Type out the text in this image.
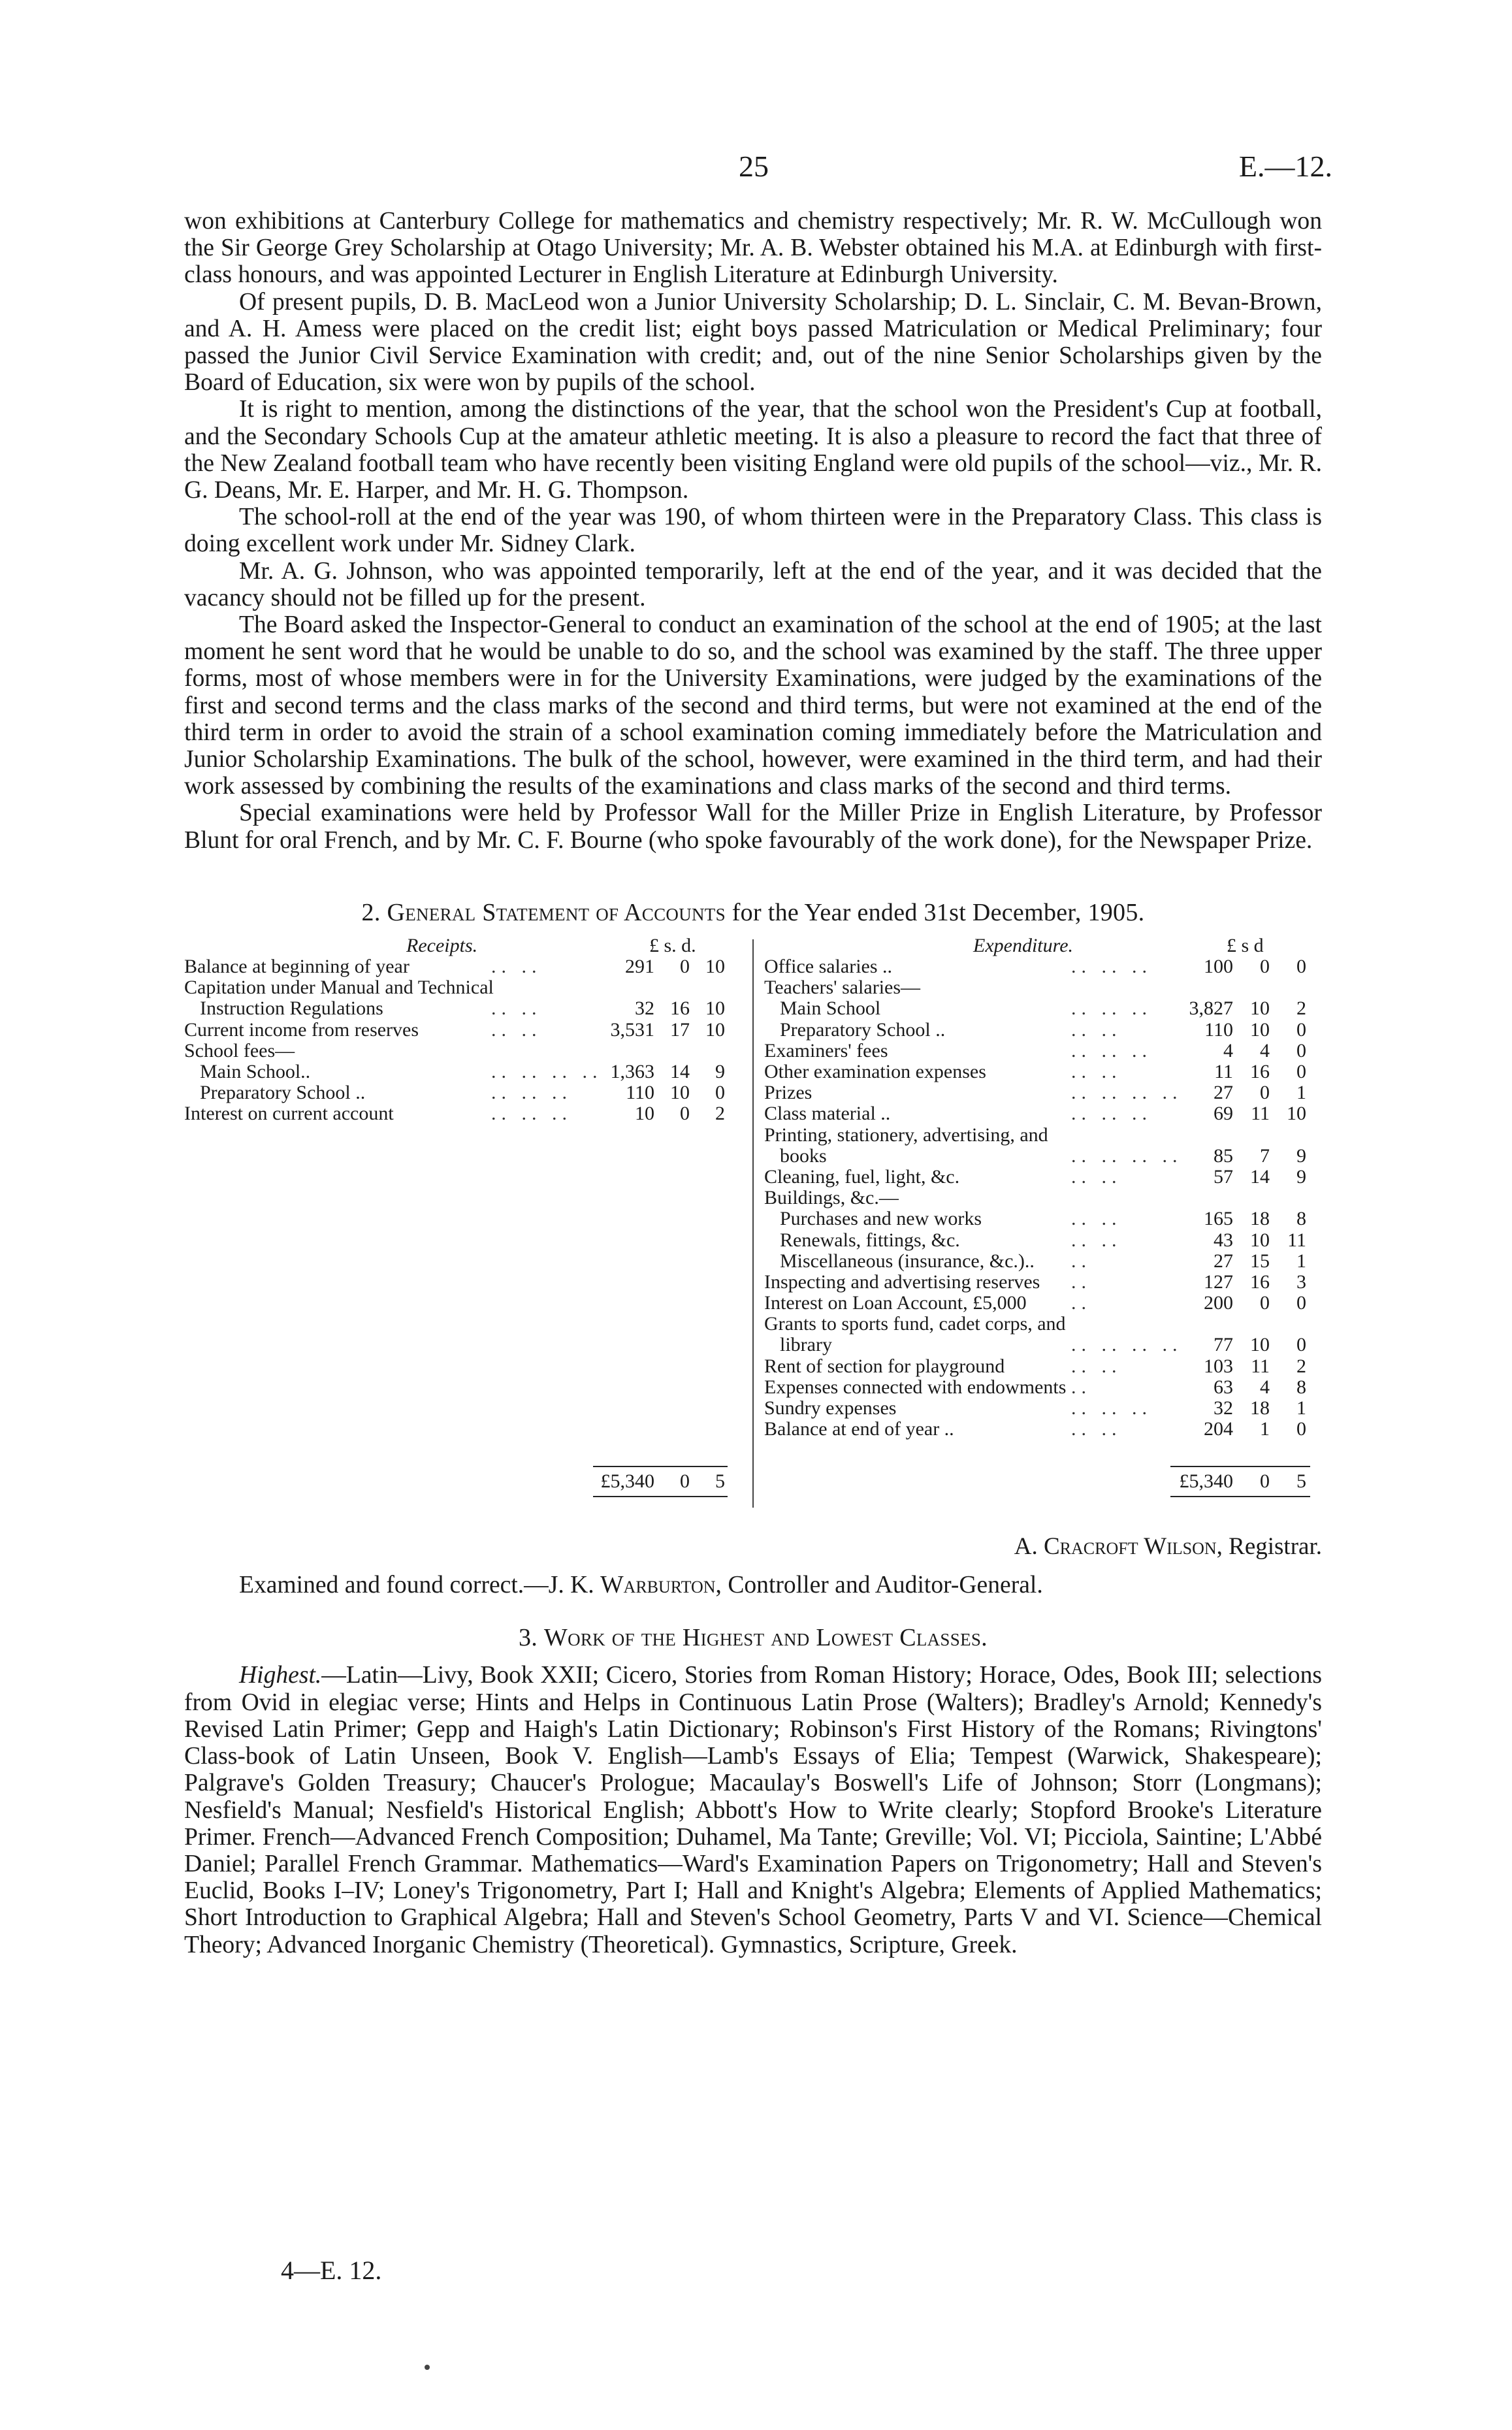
25	E.—12.

won exhibitions at Canterbury College for mathematics and chemistry respectively; Mr. R. W. McCullough won the Sir George Grey Scholarship at Otago University; Mr. A. B. Webster obtained his M.A. at Edinburgh with first-class honours, and was appointed Lecturer in English Literature at Edinburgh University.

Of present pupils, D. B. MacLeod won a Junior University Scholarship; D. L. Sinclair, C. M. Bevan-Brown, and A. H. Amess were placed on the credit list; eight boys passed Matriculation or Medical Preliminary; four passed the Junior Civil Service Examination with credit; and, out of the nine Senior Scholarships given by the Board of Education, six were won by pupils of the school.

It is right to mention, among the distinctions of the year, that the school won the President's Cup at football, and the Secondary Schools Cup at the amateur athletic meeting. It is also a pleasure to record the fact that three of the New Zealand football team who have recently been visiting England were old pupils of the school—viz., Mr. R. G. Deans, Mr. E. Harper, and Mr. H. G. Thompson.

The school-roll at the end of the year was 190, of whom thirteen were in the Preparatory Class. This class is doing excellent work under Mr. Sidney Clark.

Mr. A. G. Johnson, who was appointed temporarily, left at the end of the year, and it was decided that the vacancy should not be filled up for the present.

The Board asked the Inspector-General to conduct an examination of the school at the end of 1905; at the last moment he sent word that he would be unable to do so, and the school was examined by the staff. The three upper forms, most of whose members were in for the University Examinations, were judged by the examinations of the first and second terms and the class marks of the second and third terms, but were not examined at the end of the third term in order to avoid the strain of a school examination coming immediately before the Matriculation and Junior Scholarship Examinations. The bulk of the school, however, were examined in the third term, and had their work assessed by combining the results of the examinations and class marks of the second and third terms.

Special examinations were held by Professor Wall for the Miller Prize in English Literature, by Professor Blunt for oral French, and by Mr. C. F. Bourne (who spoke favourably of the work done), for the Newspaper Prize.

2. General Statement of Accounts for the Year ended 31st December, 1905.
Receipts.	£ s. d.
Balance at beginning of year	.. ..	291	0 10
Capitation under Manual and Technical
Instruction Regulations	.. ..	32 16 10
Current income from reserves	.. ..	3,531 17 10
School fees—
Main School..	.. .. .. .. 1,363 14	9
Preparatory School ..	.. .. ..	110 10	0
Interest on current account	.. .. ..	10	0	2
Expenditure.	£ s d
Office salaries ..	.. .. ..	100	0	0
Teachers' salaries—
Main School	.. .. ..	3,827 10	2
Preparatory School ..	.. ..	110 10	0
Examiners' fees	.. .. ..	4	4	0
Other examination expenses	.. ..	11 16	0
Prizes	.. .. .. ..	27	0	1
Class material ..	.. .. ..	69 11 10
Printing, stationery, advertising, and
books	.. .. .. ..	85	7	9
Cleaning, fuel, light, &c.	.. ..	57 14	9
Buildings, &c.—
Purchases and new works	.. ..	165 18	8
Renewals, fittings, &c.	.. ..	43 10 11
Miscellaneous (insurance, &c.).. ..	27 15	1
Inspecting and advertising reserves ..	127 16	3
Interest on Loan Account, £5,000 ..	200	0	0
Grants to sports fund, cadet corps, and
library	.. .. .. ..	77 10	0
Rent of section for playground	.. ..	103 11	2
Expenses connected with endowments ..	63	4	8
Sundry expenses	.. .. ..	32 18	1
Balance at end of year ..	.. ..	204	1	0
£5,340	0	5	£5,340	0	5
A. Cracroft Wilson, Registrar.
Examined and found correct.—J. K. Warburton, Controller and Auditor-General.
3. Work of the Highest and Lowest Classes.

Highest.—Latin—Livy, Book XXII; Cicero, Stories from Roman History; Horace, Odes, Book III; selections from Ovid in elegiac verse; Hints and Helps in Continuous Latin Prose (Walters); Bradley's Arnold; Kennedy's Revised Latin Primer; Gepp and Haigh's Latin Dictionary; Robinson's First History of the Romans; Rivingtons' Class-book of Latin Unseen, Book V. English—Lamb's Essays of Elia; Tempest (Warwick, Shakespeare); Palgrave's Golden Treasury; Chaucer's Prologue; Macaulay's Boswell's Life of Johnson; Storr (Longmans); Nesfield's Manual; Nesfield's Historical English; Abbott's How to Write clearly; Stopford Brooke's Literature Primer. French—Advanced French Composition; Duhamel, Ma Tante; Greville; Vol. VI; Picciola, Saintine; L'Abbé Daniel; Parallel French Grammar. Mathematics—Ward's Examination Papers on Trigonometry; Hall and Steven's Euclid, Books I–IV; Loney's Trigonometry, Part I; Hall and Knight's Algebra; Elements of Applied Mathematics; Short Introduction to Graphical Algebra; Hall and Steven's School Geometry, Parts V and VI. Science—Chemical Theory; Advanced Inorganic Chemistry (Theoretical). Gymnastics, Scripture, Greek.

4—E. 12.
